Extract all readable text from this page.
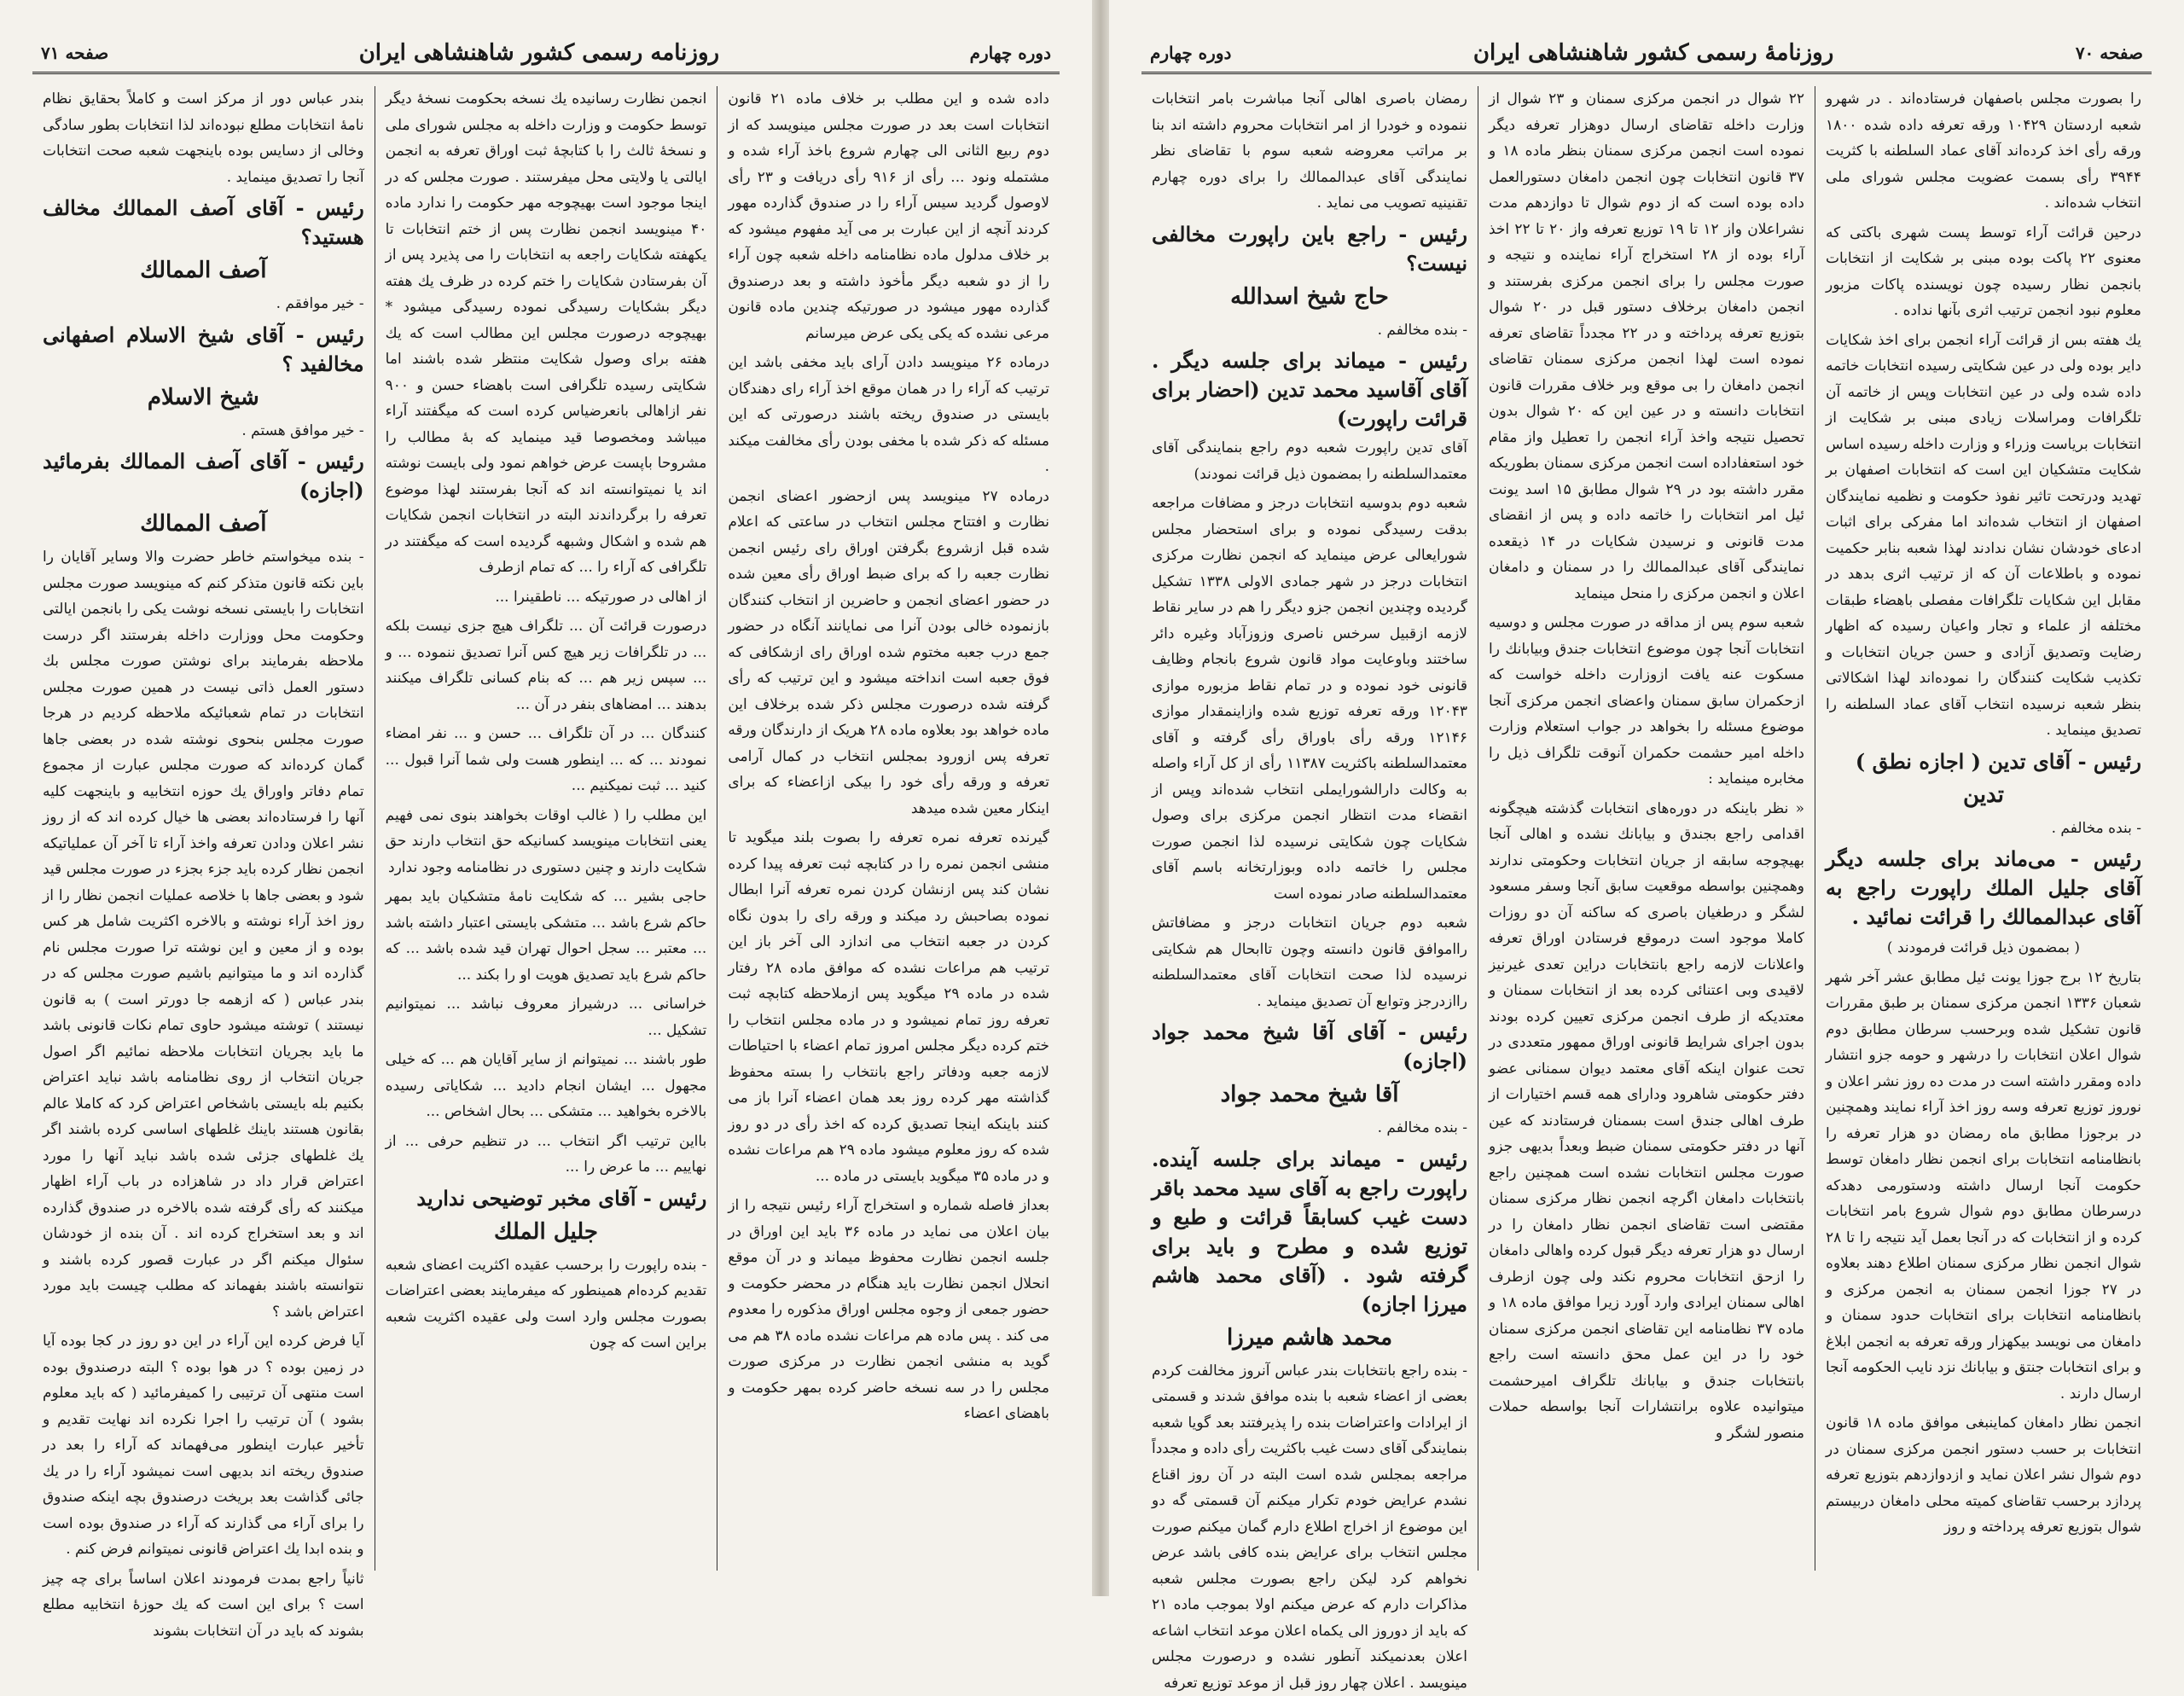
دوره چهارم
روزنامه رسمی کشور شاهنشاهی ایران
صفحه ۷۱

داده شده و این مطلب بر خلاف ماده ۲۱ قانون انتخابات است بعد در صورت مجلس مینویسد که از دوم ربیع الثانی الی چهارم شروع باخذ آراء شده و مشتمله ونود ... رأی از ۹۱۶ رأی دریافت و ۲۳ رأی لاوصول گردید سیس آراء را در صندوق گذارده مهور کردند آنچه از این عبارت بر می آید مفهوم میشود که بر خلاف مدلول ماده نظامنامه داخله شعبه چون آراء را از دو شعبه دیگر مأخوذ داشته و بعد درصندوق گذارده مهور میشود در صورتیکه چندین ماده قانون مرعی نشده که یکی یکی عرض میرسانم

درماده ۲۶ مینویسد دادن آرای باید مخفی باشد این ترتیب که آراء را در همان موقع اخذ آراء رای دهندگان بایستی در صندوق ریخته باشند درصورتی که این مسئله که ذکر شده با مخفی بودن رأی مخالفت میکند .

درماده ۲۷ مینویسد پس ازحضور اعضای انجمن نظارت و افتتاح مجلس انتخاب در ساعتی که اعلام شده قبل ازشروع بگرفتن اوراق رای رئیس انجمن نظارت جعبه را که برای ضبط اوراق رأی معین شده در حضور اعضای انجمن و حاضرین از انتخاب کنندگان بازنموده خالی بودن آنرا می نمایانند آنگاه در حضور جمع درب جعبه مختوم شده اوراق رای ازشکافی که فوق جعبه است انداخته میشود و این ترتیب که رأی گرفته شده درصورت مجلس ذکر شده برخلاف این ماده خواهد بود بعلاوه ماده ۲۸ هریک از دارندگان ورقه تعرفه پس ازورود بمجلس انتخاب در کمال آرامی تعرفه و ورقه رأی خود را بیکی ازاعضاء که برای اینکار معین شده میدهد

گیرنده تعرفه نمره تعرفه را بصوت بلند میگوید تا منشی انجمن نمره را در کتابچه ثبت تعرفه پیدا کرده نشان کند پس ازنشان کردن نمره تعرفه آنرا ابطال نموده بصاحبش رد میکند و ورقه رای را بدون نگاه کردن در جعبه انتخاب می اندازد الی آخر باز این ترتیب هم مراعات نشده که موافق ماده ۲۸ رفتار شده در ماده ۲۹ میگوید پس ازملاحظه کتابچه ثبت تعرفه روز تمام نمیشود و در ماده مجلس انتخاب را ختم کرده دیگر مجلس امروز تمام اعضاء با احتیاطات لازمه جعبه ودفاتر راجع بانتخاب را بسته محفوظ گذاشته مهر کرده روز بعد همان اعضاء آنرا باز می کنند باینکه اینجا تصدیق کرده که اخذ رأی در دو روز شده که روز معلوم میشود ماده ۲۹ هم مراعات نشده و در ماده ۳۵ میگوید بایستی در ماده ...

بعداز فاصله شماره و استخراج آراء رئیس نتیجه را از بیان اعلان می نماید در ماده ۳۶ باید این اوراق در جلسه انجمن نظارت محفوظ میماند و در آن موقع انحلال انجمن نظارت باید هنگام در محضر حکومت و حضور جمعی از وجوه مجلس اوراق مذکوره را معدوم می کند . پس ماده هم مراعات نشده ماده ۳۸ هم می گوید به منشی انجمن نظارت در مرکزی صورت مجلس را در سه نسخه حاضر کرده بمهر حکومت و باهضای اعضاء

انجمن نظارت رسانیده یك نسخه بحکومت نسخهٔ دیگر توسط حکومت و وزارت داخله به مجلس شورای ملی و نسخهٔ ثالث را با کتابچهٔ ثبت اوراق تعرفه به انجمن ایالتی یا ولایتی محل میفرستند . صورت مجلس که در اینجا موجود است بهیچوجه مهر حکومت را ندارد ماده ۴۰ مینویسد انجمن نظارت پس از ختم انتخابات تا یکهفته شکایات راجعه به انتخابات را می پذیرد پس از آن بفرستادن شکایات را ختم کرده در ظرف یك هفته دیگر بشکایات رسیدگی نموده رسیدگی میشود * بهیچوجه درصورت مجلس این مطالب است که یك هفته برای وصول شکایت منتظر شده باشند اما شکایتی رسیده تلگرافی است باهضاء حسن و ۹۰۰ نفر ازاهالی بانعرضیاس کرده است که میگفتند آراء میباشد ومخصوصا قید مینماید که بهٔ مطالب را مشروحا باپست عرض خواهم نمود ولی بایست نوشته اند یا نمیتوانسته اند که آنجا بفرستند لهذا موضوع تعرفه را برگرداندند البته در انتخابات انجمن شکایات هم شده و اشکال وشبهه گردیده است که میگفتند در تلگرافی که آراء را ... که تمام ازطرف

از اهالی در صورتیکه ... ناطقینرا ...

درصورت قرائت آن ... تلگراف هیچ جزی نیست بلکه ... در تلگرافات زیر هیچ کس آنرا تصدیق ننموده ... و ... سپس زیر هم ... که بنام کسانی تلگراف میکنند بدهند ... امضاهای بنفر در آن ...

کنندگان ... در آن تلگراف ... حسن و ... نفر امضاء نمودند ... که ... اینطور هست ولی شما آنرا قبول ... کنید ... ثبت نمیکنیم ...

این مطلب را ( غالب اوقات بخواهند بنوی نمی فهیم یعنی انتخابات مینویسد کسانیکه حق انتخاب دارند حق شکایت دارند و چنین دستوری در نظامنامه وجود ندارد

حاجی بشیر ... که شکایت نامهٔ متشکیان باید بمهر حاکم شرع باشد ... متشکی بایستی اعتبار داشته باشد ... معتبر ... سجل احوال تهران قید شده باشد ... که حاکم شرع باید تصدیق هویت او را بکند ...

خراسانی ... درشیراز معروف نباشد ... نمیتوانیم تشکیل ...

طور باشند ... نمیتوانم از سایر آقایان هم ... که خیلی مجهول ... ایشان انجام دادید ... شکایاتی رسیده بالاخره بخواهید ... متشکی ... بحال اشخاص ...

بااین ترتیب اگر انتخاب ... در تنظیم حرفی ... از نهاییم ... ما عرض را ...

رئیس - آقای مخبر توضیحی ندارید
جلیل الملك

- بنده راپورت را برحسب عقیده اکثریت اعضای شعبه تقدیم کرده‌ام همینطور که میفرمایند بعضی اعتراضات بصورت مجلس وارد است ولی عقیده اکثریت شعبه براین است که چون

بندر عباس دور از مرکز است و کاملاً بحقایق نظام نامهٔ انتخابات مطلع نبوده‌اند لذا انتخابات بطور سادگی وخالی از دسایس بوده باینجهت شعبه صحت انتخابات آنجا را تصدیق مینماید .

رئیس - آقای آصف الممالك مخالف هستید؟
آصف الممالك

- خیر موافقم .

رئیس - آقای شیخ الاسلام اصفهانی مخالفید ؟
شیخ الاسلام

- خیر موافق هستم .

رئیس - آقای آصف الممالك بفرمائید (اجازه)
آصف الممالك

- بنده میخواستم خاطر حضرت والا وسایر آقایان را باین نکته قانون متذکر کنم که مینویسد صورت مجلس انتخابات را بایستی نسخه نوشت یکی را بانجمن ایالتی وحکومت محل ووزارت داخله بفرستند اگر درست ملاحظه بفرمایند برای نوشتن صورت مجلس بك دستور العمل ذاتی نیست در همین صورت مجلس انتخابات در تمام شعبائیکه ملاحظه کردیم در هرجا صورت مجلس بنحوی نوشته شده در بعضی جاها گمان کرده‌اند که صورت مجلس عبارت از مجموع تمام دفاتر واوراق یك حوزه انتخابیه و باینجهت کلیه آنها را فرستاده‌اند بعضی ها خیال کرده اند که از روز نشر اعلان ودادن تعرفه واخذ آراء تا آخر آن عملیاتیکه انجمن نظار کرده باید جزء بجزء در صورت مجلس قید شود و بعضی جاها با خلاصه عملیات انجمن نظار را از روز اخذ آراء نوشته و بالاخره اکثریت شامل هر کس بوده و از معین و این نوشته ترا صورت مجلس نام گذارده اند و ما میتوانیم باشیم صورت مجلس که در بندر عباس ( که ازهمه جا دورتر است ) به قانون نیستند ) توشته میشود حاوی تمام نکات قانونی باشد ما باید بجریان انتخابات ملاحظه نمائیم اگر اصول جریان انتخاب از روی نظامنامه باشد نباید اعتراض بکنیم بله بایستی باشخاص اعتراض کرد که کاملا عالم بقانون هستند باینك غلطهای اساسی کرده باشند اگر یك غلطهای جزئی شده باشد نباید آنها را مورد اعتراض قرار داد در شاهزاده در باب آراء اظهار میکنند که رأی گرفته شده بالاخره در صندوق گذارده اند و بعد استخراج کرده اند . آن بنده از خودشان سئوال میکنم اگر در عبارت قصور کرده باشند و نتوانسته باشند بفهماند که مطلب چیست باید مورد اعتراض باشد ؟

آیا فرض کرده این آراء در این دو روز در کجا بوده آیا در زمین بوده ؟ در هوا بوده ؟ البته درصندوق بوده است منتهی آن ترتیبی را کمیفرمائید ( که باید معلوم بشود ) آن ترتیب را اجرا نکرده اند نهایت تقدیم و تأخیر عبارت اینطور می‌فهماند که آراء را بعد در صندوق ریخته اند بدیهی است نمیشود آراء را در یك جائی گذاشت بعد بریخت درصندوق بچه اینکه صندوق را برای آراء می گذارند که آراء در صندوق بوده است و بنده ابدا یك اعتراض قانونی نمیتوانم فرض کنم .

ثانیاً راجع بمدت فرمودند اعلان اساساً برای چه چیز است ؟ برای این است که یك حوزهٔ انتخابیه مطلع بشوند که باید در آن انتخابات بشوند

صفحه ۷۰
روزنامهٔ رسمی کشور شاهنشاهی ایران
دوره چهارم

را بصورت مجلس باصفهان فرستاده‌اند . در شهرو شعبه اردستان ۱۰۴۲۹ ورقه تعرفه داده شده ۱۸۰۰ ورقه رأی اخذ کرده‌اند آقای عماد السلطنه با کثریت ۳۹۴۴ رأی بسمت عضویت مجلس شورای ملی انتخاب شده‌اند .

درحین قرائت آراء توسط پست شهری باکتی که معنوی ۲۲ پاکت بوده مبنی بر شکایت از انتخابات بانجمن نظار رسیده چون نویسنده پاکات مزبور معلوم نبود انجمن ترتیب اثری بآنها نداده .

یك هفته بس از قرائت آراء انجمن برای اخذ شکایات دایر بوده ولی در عین شکایتی رسیده انتخابات خاتمه داده شده ولی در عین انتخابات وپس از خاتمه آن تلگرافات ومراسلات زیادی مبنی بر شکایت از انتخابات بریاست وزراء و وزارت داخله رسیده اساس شکایت متشکیان این است که انتخابات اصفهان بر تهدید ودرتحت تاثیر نفوذ حکومت و نظمیه نمایندگان اصفهان از انتخاب شده‌اند اما مفرکی برای اثبات ادعای خودشان نشان ندادند لهذا شعبه بنابر حکمیت نموده و باطلاعات آن که از ترتیب اثری بدهد در مقابل این شکایات تلگرافات مفصلی باهضاء طبقات مختلفه از علماء و تجار واعیان رسیده که اظهار رضایت وتصدیق آزادی و حسن جریان انتخابات و تکذیب شکایت کنندگان را نموده‌اند لهذا اشکالاتی بنظر شعبه نرسیده انتخاب آقای عماد السلطنه را تصدیق مینماید .

رئیس - آقای تدین ( اجازه نطق )
تدین

- بنده مخالفم .

رئیس - می‌ماند برای جلسه دیگر آقای جلیل الملك راپورت راجع به آقای عبدالممالك را قرائت نمائید .
( بمضمون ذیل قرائت فرمودند )

بتاریخ ۱۲ برج جوزا یونت ئیل مطابق عشر آخر شهر شعبان ۱۳۳۶ انجمن مرکزی سمنان بر طبق مقررات قانون تشکیل شده وبرحسب سرطان مطابق دوم شوال اعلان انتخابات را درشهر و حومه جزو انتشار داده ومقرر داشته است در مدت ده روز نشر اعلان و نوروز توزیع تعرفه وسه روز اخذ آراء نمایند وهمچنین در برجوزا مطابق ماه رمضان دو هزار تعرفه را بانظامنامه انتخابات برای انجمن نظار دامغان توسط حکومت آنجا ارسال داشته ودستورمی دهدکه درسرطان مطابق دوم شوال شروع بامر انتخابات کرده و از انتخابات که در آنجا بعمل آید نتیجه را تا ۲۸ شوال انجمن نظار مرکزی سمنان اطلاع دهند بعلاوه در ۲۷ جوزا انجمن سمنان به انجمن مرکزی و بانظامنامه انتخابات برای انتخابات حدود سمنان و دامغان می نویسد بیکهزار ورقه تعرفه به انجمن ابلاغ و برای انتخابات جنتق و بیابانك نزد نایب الحکومه آنجا ارسال دارند .

انجمن نظار دامغان کماینبغی موافق ماده ۱۸ قانون انتخابات بر حسب دستور انجمن مرکزی سمنان در دوم شوال نشر اعلان نماید و ازدوازدهم بتوزیع تعرفه پردازد برحسب تقاضای کمیته محلی دامغان دربیستم شوال بتوزیع تعرفه پرداخته و روز

۲۲ شوال در انجمن مرکزی سمنان و ۲۳ شوال از وزارت داخله تقاضای ارسال دوهزار تعرفه دیگر نموده است انجمن مرکزی سمنان بنظر ماده ۱۸ و ۳۷ قانون انتخابات چون انجمن دامغان دستورالعمل داده بوده است که از دوم شوال تا دوازدهم مدت نشراعلان واز ۱۲ تا ۱۹ توزیع تعرفه واز ۲۰ تا ۲۲ اخذ آراء بوده از ۲۸ استخراج آراء نماینده و نتیجه و صورت مجلس را برای انجمن مرکزی بفرستند و انجمن دامغان برخلاف دستور قبل در ۲۰ شوال بتوزیع تعرفه پرداخته و در ۲۲ مجدداً تقاضای تعرفه نموده است لهذا انجمن مرکزی سمنان تقاضای انجمن دامغان را بی موقع وبر خلاف مقررات قانون انتخابات دانسته و در عین این که ۲۰ شوال بدون تحصیل نتیجه واخذ آراء انجمن را تعطیل واز مقام خود استعفاداده است انجمن مرکزی سمنان بطوریکه مقرر داشته بود در ۲۹ شوال مطابق ۱۵ اسد یونت ئیل امر انتخابات را خاتمه داده و پس از انقضای مدت قانونی و نرسیدن شکایات در ۱۴ ذیقعده نمایندگی آقای عبدالممالك را در سمنان و دامغان اعلان و انجمن مرکزی را منحل مینماید

شعبه سوم پس از مداقه در صورت مجلس و دوسیه انتخابات آنجا چون موضوع انتخابات جندق وبیابانك را مسکوت عنه یافت ازوزارت داخله خواست که ازحکمران سابق سمنان واعضای انجمن مرکزی آنجا موضوع مسئله را بخواهد در جواب استعلام وزارت داخله امیر حشمت حکمران آنوقت تلگراف ذیل را مخابره مینماید :

« نظر باینکه در دوره‌های انتخابات گذشته هیچگونه اقدامی راجع بجندق و بیابانك نشده و اهالی آنجا بهیچوجه سابقه از جریان انتخابات وحکومتی ندارند وهمچنین بواسطه موقعیت سابق آنجا وسفر مسعود لشگر و درطغیان باصری که ساکنه آن دو روزات کاملا موجود است درموقع فرستادن اوراق تعرفه واعلانات لازمه راجع بانتخابات دراین تعدی غیرنیز لاقیدی وبی اعتنائی کرده بعد از انتخابات سمنان و معتدیکه از طرف انجمن مرکزی تعیین کرده بودند بدون اجرای شرایط قانونی اوراق ممهور متعددی در تحت عنوان اینکه آقای معتمد دیوان سمنانی عضو دفتر حکومتی شاهرود ودارای همه قسم اختیارات از طرف اهالی جندق است بسمنان فرستادند که عین آنها در دفتر حکومتی سمنان ضبط وبعداً بدیهی جزو صورت مجلس انتخابات نشده است همچنین راجع بانتخابات دامغان اگرچه انجمن نظار مرکزی سمنان مقتضی است تقاضای انجمن نظار دامغان را در ارسال دو هزار تعرفه دیگر قبول کرده واهالی دامغان را ازحق انتخابات محروم نکند ولی چون ازطرف اهالی سمنان ایرادی وارد آورد زیرا موافق ماده ۱۸ و ماده ۳۷ نظامنامه این تقاضای انجمن مرکزی سمنان خود را در این عمل محق دانسته است راجع بانتخابات جندق و بیابانك تلگراف امیرحشمت میتوانیده علاوه برانتشارات آنجا بواسطه حملات منصور لشگر و

رمضان باصری اهالی آنجا مباشرت بامر انتخابات ننموده و خودرا از امر انتخابات محروم داشته اند بنا بر مراتب معروضه شعبه سوم با تقاضای نظر نمایندگی آقای عبدالممالك را برای دوره چهارم تقنینیه تصویب می نماید .

رئیس - راجع باین راپورت مخالفی نیست؟
حاج شیخ اسدالله

- بنده مخالفم .

رئیس - میماند برای جلسه دیگر . آقای آقاسید محمد تدین (احضار برای قرائت راپورت)

آقای تدین راپورت شعبه دوم راجع بنمایندگی آقای معتمدالسلطنه را بمضمون ذیل قرائت نمودند)

شعبه دوم بدوسیه انتخابات درجز و مضافات مراجعه بدقت رسیدگی نموده و برای استحضار مجلس شورایعالی عرض مینماید که انجمن نظارت مرکزی انتخابات درجز در شهر جمادی الاولی ۱۳۳۸ تشکیل گردیده وچندین انجمن جزو دیگر را هم در سایر نقاط لازمه ازقبیل سرخس ناصری وزوزآباد وغیره دائر ساختند وباوعایت مواد قانون شروع بانجام وظایف قانونی خود نموده و در تمام نقاط مزبوره موازی ۱۲۰۴۳ ورقه تعرفه توزیع شده وازاینمقدار موازی ۱۲۱۴۶ ورقه رأی باوراق رأی گرفته و آقای معتمدالسلطنه باکثریت ۱۱۳۸۷ رأی از کل آراء واصله به وکالت دارالشورایملی انتخاب شده‌اند وپس از انقضاء مدت انتظار انجمن مرکزی برای وصول شکایات چون شکایتی نرسیده لذا انجمن صورت مجلس را خاتمه داده وبوزارتخانه باسم آقای معتمدالسلطنه صادر نموده است

شعبه دوم جریان انتخابات درجز و مضافاتش رااموافق قانون دانسته وچون تاابحال هم شکایتی نرسیده لذا صحت انتخابات آقای معتمدالسلطنه راازدرجز وتوابع آن تصدیق مینماید .

رئیس - آقای آقا شیخ محمد جواد (اجازه)
آقا شیخ محمد جواد

- بنده مخالفم .

رئیس - میماند برای جلسه آینده. راپورت راجع به آقای سید محمد باقر دست غیب کسابقاً قرائت و طبع و توزیع شده و مطرح و باید برای گرفته شود . (آقای محمد هاشم میرزا اجازه)
محمد هاشم میرزا

- بنده راجع بانتخابات بندر عباس آنروز مخالفت کردم بعضی از اعضاء شعبه با بنده موافق شدند و قسمتی از ایرادات واعتراضات بنده را پذیرفتند بعد گویا شعبه بنمایندگی آقای دست غیب باکثریت رأی داده و مجدداً مراجعه بمجلس شده است البته در آن روز اقناع نشدم عرایض خودم تکرار میکنم آن قسمتی گه دو این موضوع از اخراج اطلاع دارم گمان میکنم صورت مجلس انتخاب برای عرایض بنده کافی باشد عرض نخواهم کرد لیکن راجع بصورت مجلس شعبه مذاکرات دارم که عرض میکنم اولا بموجب ماده ۲۱ که باید از دوروز الی یکماه اعلان موعد انتخاب اشاعه اعلان بعدنمیکند آنطور نشده و درصورت مجلس مینویسد . اعلان چهار روز قبل از موعد توزیع تعرفه
